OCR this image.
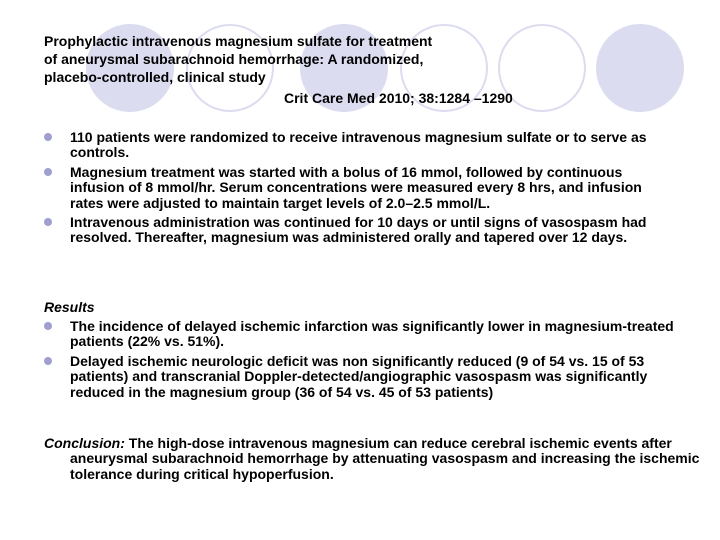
Prophylactic intravenous magnesium sulfate for treatment
of aneurysmal subarachnoid hemorrhage: A randomized,
placebo-controlled, clinical study
Crit Care Med 2010; 38:1284 –1290
110 patients were randomized to receive intravenous magnesium sulfate or to serve as controls.
Magnesium treatment was started with a bolus of 16 mmol, followed by continuous infusion of 8 mmol/hr. Serum concentrations were measured every 8 hrs, and infusion rates were adjusted to maintain target levels of 2.0–2.5 mmol/L.
Intravenous administration was continued for 10 days or until signs of vasospasm had resolved. Thereafter, magnesium was administered orally and tapered over 12 days.
Results
The incidence of delayed ischemic infarction was significantly lower in magnesium-treated patients (22% vs. 51%).
Delayed ischemic neurologic deficit was non significantly reduced (9 of 54 vs. 15 of 53 patients) and transcranial Doppler-detected/angiographic vasospasm was significantly reduced in the magnesium group (36 of 54 vs. 45 of 53 patients)
Conclusion: The high-dose intravenous magnesium can reduce cerebral ischemic events after aneurysmal subarachnoid hemorrhage by attenuating vasospasm and increasing the ischemic tolerance during critical hypoperfusion.
